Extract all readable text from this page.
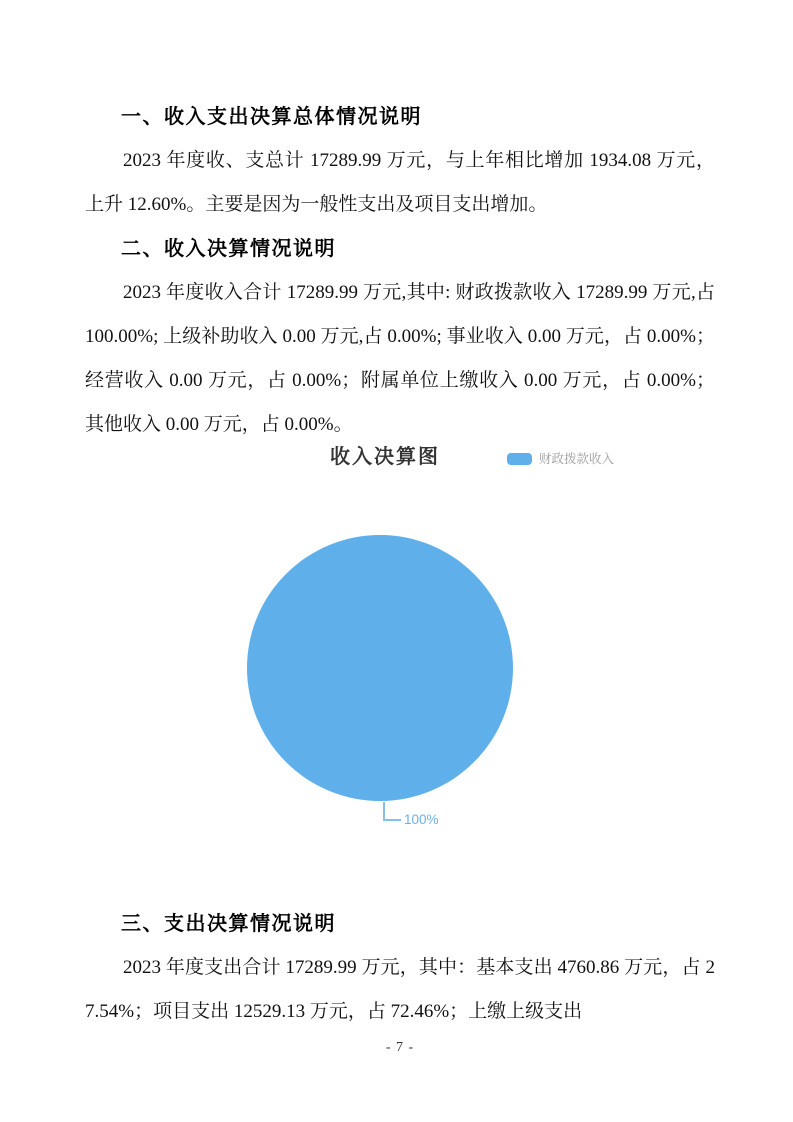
一、收入支出决算总体情况说明

2023 年度收、支总计 17289.99 万元，与上年相比增加 1934.08 万元，上升 12.60%。主要是因为一般性支出及项目支出增加。

二、收入决算情况说明

2023 年度收入合计 17289.99 万元,其中: 财政拨款收入 17289.99 万元,占 100.00%; 上级补助收入 0.00 万元,占 0.00%; 事业收入 0.00 万元，占 0.00%；经营收入 0.00 万元，占 0.00%；附属单位上缴收入 0.00 万元，占 0.00%；其他收入 0.00 万元，占 0.00%。

收入决算图	财政拨款收入
100%
三、支出决算情况说明

2023 年度支出合计 17289.99 万元，其中：基本支出 4760.86 万元，占 27.54%；项目支出 12529.13 万元，占 72.46%；上缴上级支出

- 7 -
